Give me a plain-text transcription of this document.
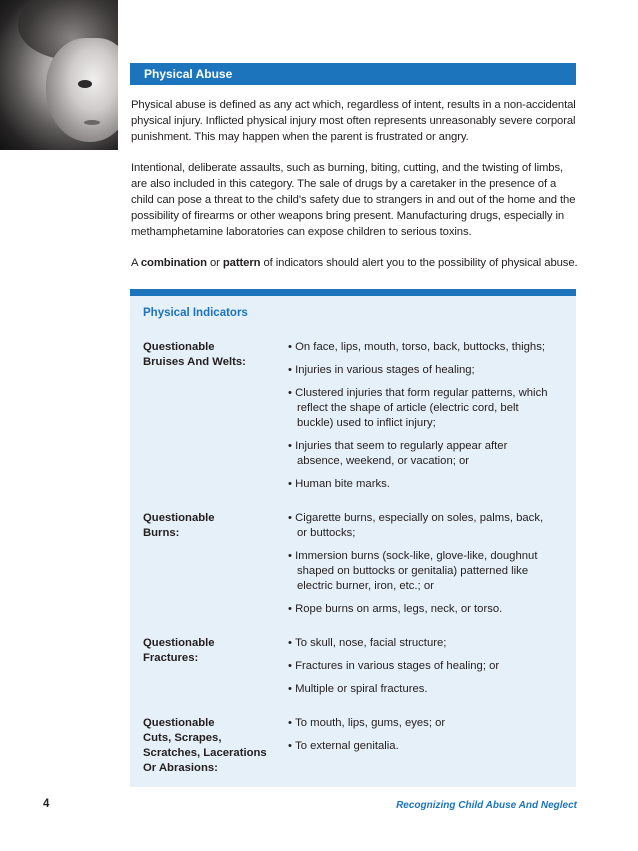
Physical Abuse

Physical abuse is defined as any act which, regardless of intent, results in a non-accidental physical injury. Inflicted physical injury most often represents unreasonably severe corporal punishment. This may happen when the parent is frustrated or angry.

Intentional, deliberate assaults, such as burning, biting, cutting, and the twisting of limbs, are also included in this category. The sale of drugs by a caretaker in the presence of a child can pose a threat to the child's safety due to strangers in and out of the home and the possibility of firearms or other weapons bring present. Manufacturing drugs, especially in methamphetamine laboratories can expose children to serious toxins.

A combination or pattern of indicators should alert you to the possibility of physical abuse.

Physical Indicators
Questionable
Bruises And Welts:
• On face, lips, mouth, torso, back, buttocks, thighs;
• Injuries in various stages of healing;
• Clustered injuries that form regular patterns, which reflect the shape of article (electric cord, belt buckle) used to inflict injury;
• Injuries that seem to regularly appear after absence, weekend, or vacation; or
• Human bite marks.
Questionable
Burns:
• Cigarette burns, especially on soles, palms, back, or buttocks;
• Immersion burns (sock-like, glove-like, doughnut shaped on buttocks or genitalia) patterned like electric burner, iron, etc.; or
• Rope burns on arms, legs, neck, or torso.
Questionable
Fractures:
• To skull, nose, facial structure;
• Fractures in various stages of healing; or
• Multiple or spiral fractures.
Questionable
Cuts, Scrapes,
Scratches, Lacerations
Or Abrasions:
• To mouth, lips, gums, eyes; or
• To external genitalia.
4	Recognizing Child Abuse And Neglect
